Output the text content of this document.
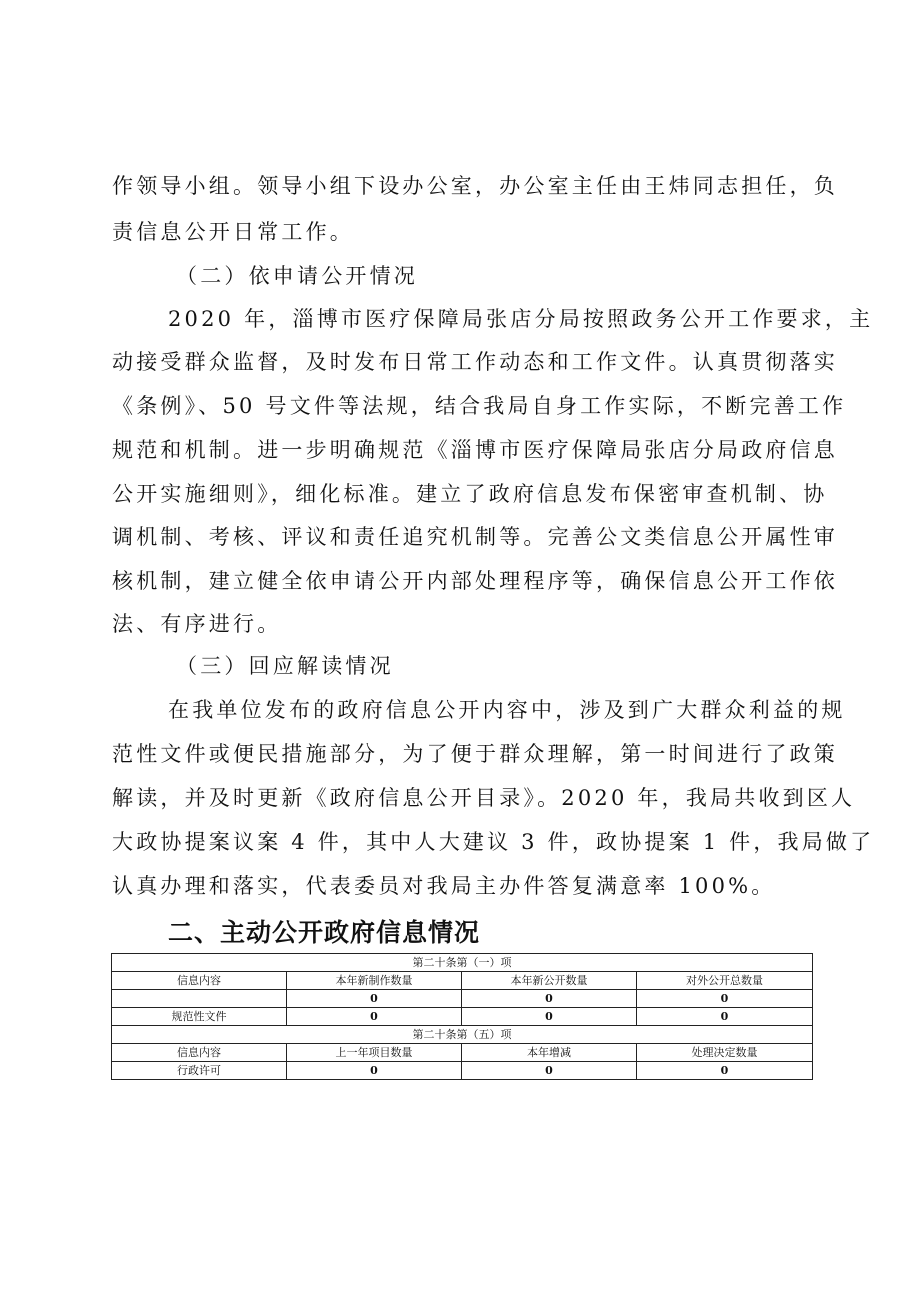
作领导小组。领导小组下设办公室，办公室主任由王炜同志担任，负
责信息公开日常工作。
（二）依申请公开情况
2020 年，淄博市医疗保障局张店分局按照政务公开工作要求，主
动接受群众监督，及时发布日常工作动态和工作文件。认真贯彻落实
《条例》、50 号文件等法规，结合我局自身工作实际，不断完善工作
规范和机制。进一步明确规范《淄博市医疗保障局张店分局政府信息
公开实施细则》，细化标准。建立了政府信息发布保密审查机制、协
调机制、考核、评议和责任追究机制等。完善公文类信息公开属性审
核机制，建立健全依申请公开内部处理程序等，确保信息公开工作依
法、有序进行。
（三）回应解读情况
在我单位发布的政府信息公开内容中，涉及到广大群众利益的规
范性文件或便民措施部分，为了便于群众理解，第一时间进行了政策
解读，并及时更新《政府信息公开目录》。2020 年，我局共收到区人
大政协提案议案 4 件，其中人大建议 3 件，政协提案 1 件，我局做了
认真办理和落实，代表委员对我局主办件答复满意率 100%。
二、主动公开政府信息情况
第二十条第（一）项			
信息内容	本年新制作数量	本年新公开数量	对外公开总数量
	0	0	0
规范性文件	0	0	0
第二十条第（五）项			
信息内容	上一年项目数量	本年增减	处理决定数量
行政许可	0	0	0
